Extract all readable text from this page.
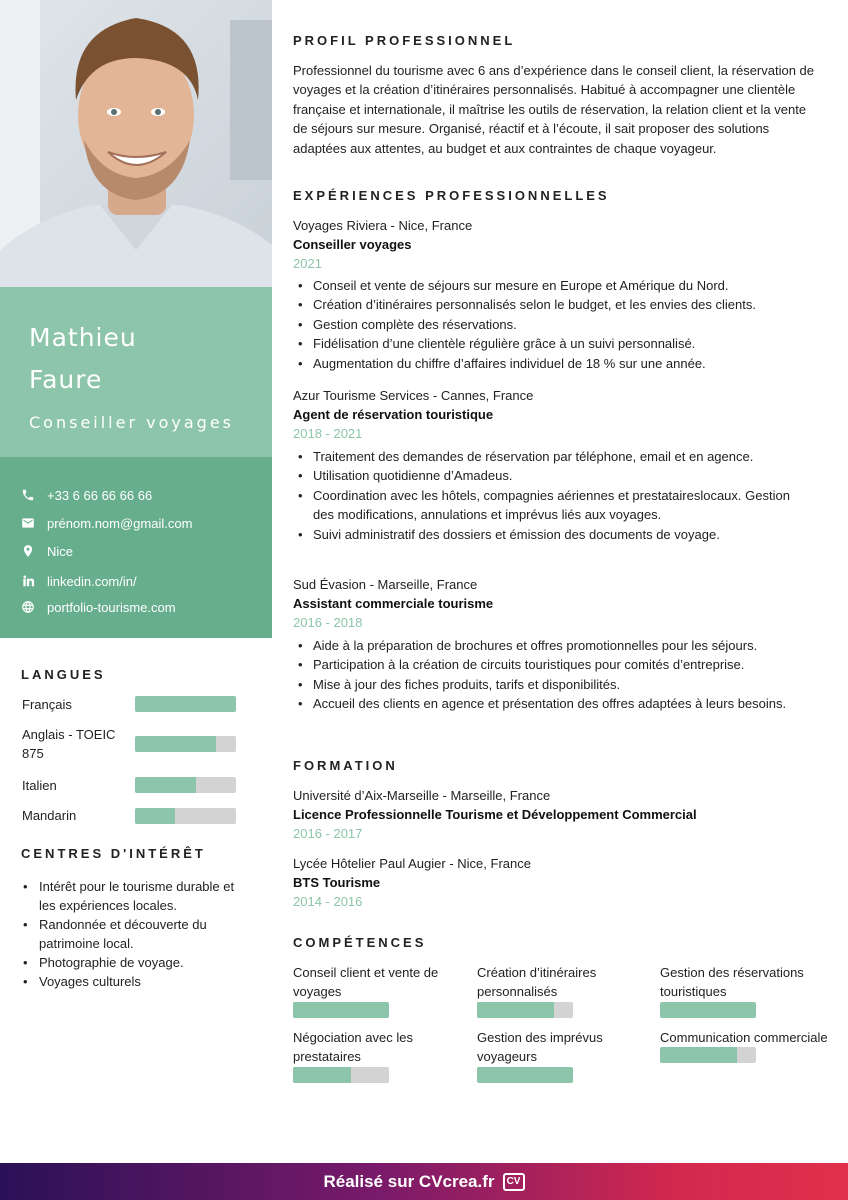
Mathieu
Faure
Conseiller voyages
+33 6 66 66 66 66
prénom.nom@gmail.com
Nice
linkedin.com/in/
portfolio-tourisme.com
LANGUES
Français
Anglais - TOEIC 875
Italien
Mandarin
CENTRES D'INTÉRÊT
• Intérêt pour le tourisme durable et les expériences locales.
• Randonnée et découverte du patrimoine local.
• Photographie de voyage.
• Voyages culturels
PROFIL PROFESSIONNEL
Professionnel du tourisme avec 6 ans d’expérience dans le conseil client, la réservation de voyages et la création d’itinéraires personnalisés. Habitué à accompagner une clientèle française et internationale, il maîtrise les outils de réservation, la relation client et la vente de séjours sur mesure. Organisé, réactif et à l’écoute, il sait proposer des solutions adaptées aux attentes, au budget et aux contraintes de chaque voyageur.
EXPÉRIENCES PROFESSIONNELLES
Voyages Riviera - Nice, France
Conseiller voyages
2021
• Conseil et vente de séjours sur mesure en Europe et Amérique du Nord.
• Création d’itinéraires personnalisés selon le budget, et les envies des clients.
• Gestion complète des réservations.
• Fidélisation d’une clientèle régulière grâce à un suivi personnalisé.
• Augmentation du chiffre d’affaires individuel de 18 % sur une année.
Azur Tourisme Services - Cannes, France
Agent de réservation touristique
2018 - 2021
• Traitement des demandes de réservation par téléphone, email et en agence.
• Utilisation quotidienne d’Amadeus.
• Coordination avec les hôtels, compagnies aériennes et prestataireslocaux. Gestion des modifications, annulations et imprévus liés aux voyages.
• Suivi administratif des dossiers et émission des documents de voyage.
Sud Évasion - Marseille, France
Assistant commerciale tourisme
2016 - 2018
• Aide à la préparation de brochures et offres promotionnelles pour les séjours.
• Participation à la création de circuits touristiques pour comités d’entreprise.
• Mise à jour des fiches produits, tarifs et disponibilités.
• Accueil des clients en agence et présentation des offres adaptées à leurs besoins.
FORMATION
Université d’Aix-Marseille - Marseille, France
Licence Professionnelle Tourisme et Développement Commercial
2016 - 2017
Lycée Hôtelier Paul Augier - Nice, France
BTS Tourisme
2014 - 2016
COMPÉTENCES
Conseil client et vente de voyages
Création d’itinéraires personnalisés
Gestion des réservations touristiques
Négociation avec les prestataires
Gestion des imprévus voyageurs
Communication commerciale
Réalisé sur CVcrea.fr	CV
